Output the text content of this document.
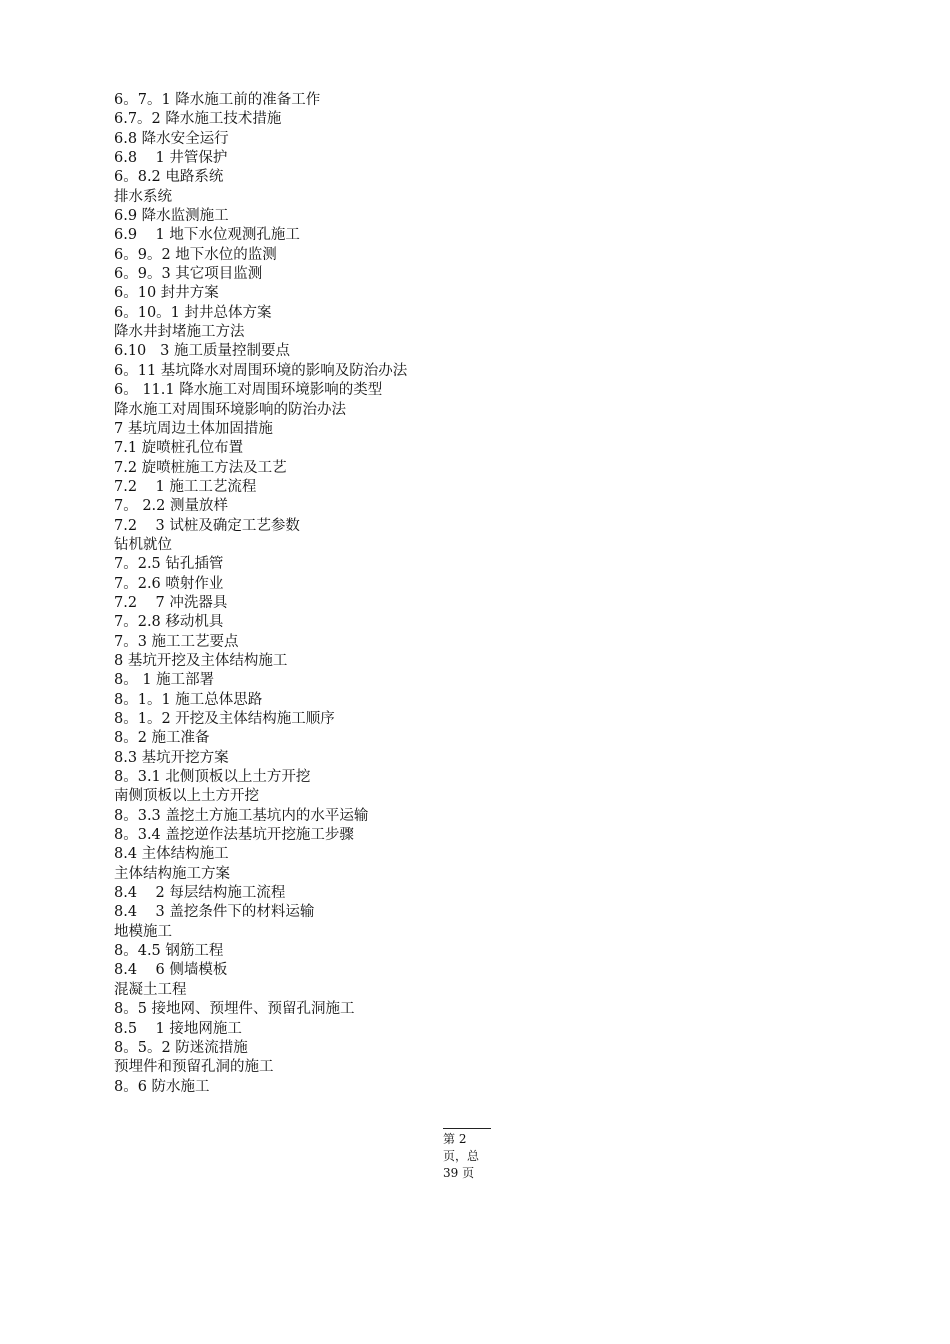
6。7。1 降水施工前的准备工作
6.7。2 降水施工技术措施
6.8 降水安全运行
6.8    1 井管保护
6。8.2 电路系统
排水系统
6.9 降水监测施工
6.9    1 地下水位观测孔施工
6。9。2 地下水位的监测
6。9。3 其它项目监测
6。10 封井方案
6。10。1 封井总体方案
降水井封堵施工方法
6.10   3 施工质量控制要点
6。11 基坑降水对周围环境的影响及防治办法
6。 11.1 降水施工对周围环境影响的类型
降水施工对周围环境影响的防治办法
7 基坑周边土体加固措施
7.1 旋喷桩孔位布置
7.2 旋喷桩施工方法及工艺
7.2    1 施工工艺流程
7。 2.2 测量放样
7.2    3 试桩及确定工艺参数
钻机就位
7。2.5 钻孔插管
7。2.6 喷射作业
7.2    7 冲洗器具
7。2.8 移动机具
7。3 施工工艺要点
8 基坑开挖及主体结构施工
8。 1 施工部署
8。1。1 施工总体思路
8。1。2 开挖及主体结构施工顺序
8。2 施工准备
8.3 基坑开挖方案
8。3.1 北侧顶板以上土方开挖
南侧顶板以上土方开挖
8。3.3 盖挖土方施工基坑内的水平运输
8。3.4 盖挖逆作法基坑开挖施工步骤
8.4 主体结构施工
主体结构施工方案
8.4    2 每层结构施工流程
8.4    3 盖挖条件下的材料运输
地模施工
8。4.5 钢筋工程
8.4    6 侧墙模板
混凝土工程
8。5 接地网、预埋件、预留孔洞施工
8.5    1 接地网施工
8。5。2 防迷流措施
预埋件和预留孔洞的施工
8。6 防水施工
第 2
页，总
39 页
